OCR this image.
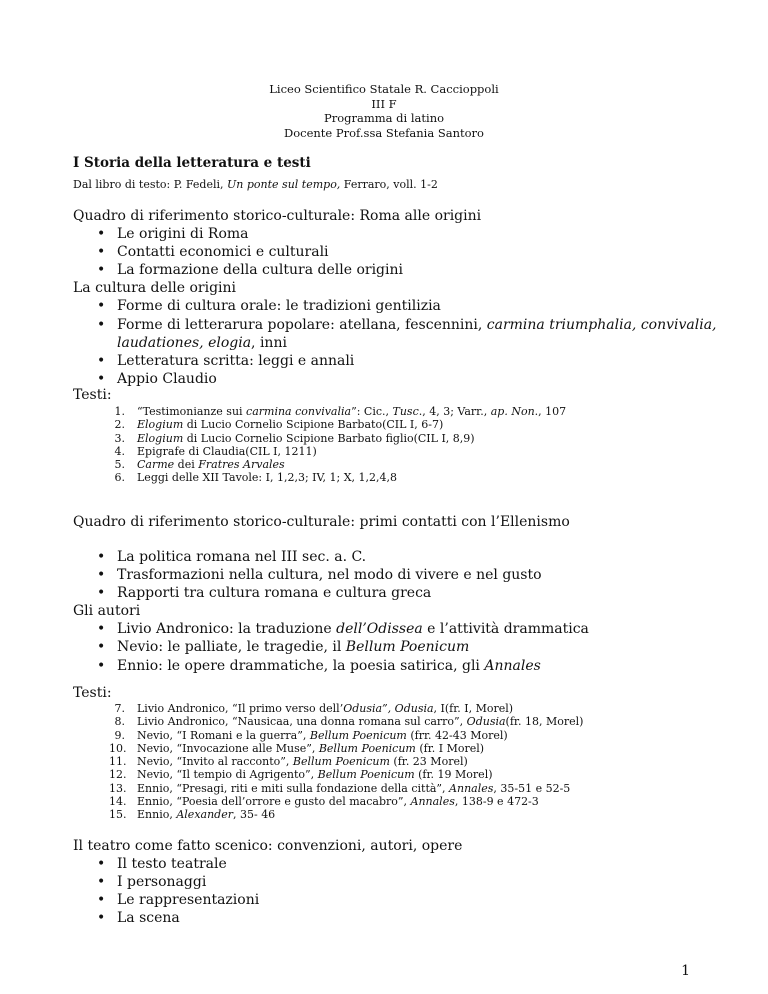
Liceo Scientifico Statale R. Caccioppoli
III F
Programma di latino
Docente Prof.ssa Stefania Santoro
I Storia della letteratura e testi
Dal libro di testo: P. Fedeli, Un ponte sul tempo, Ferraro, voll. 1-2
Quadro di riferimento storico-culturale: Roma alle origini
• Le origini di Roma
• Contatti economici e culturali
• La formazione della cultura delle origini
La cultura delle origini
• Forme di cultura orale: le tradizioni gentilizia
• Forme di letterarura popolare: atellana, fescennini, carmina triumphalia, convivalia, laudationes, elogia, inni
• Letteratura scritta: leggi e annali
• Appio Claudio
Testi:
1. “Testimonianze sui carmina convivalia”: Cic., Tusc., 4, 3; Varr., ap. Non., 107
2. Elogium di Lucio Cornelio Scipione Barbato(CIL I, 6-7)
3. Elogium di Lucio Cornelio Scipione Barbato figlio(CIL I, 8,9)
4. Epigrafe di Claudia(CIL I, 1211)
5. Carme dei Fratres Arvales
6. Leggi delle XII Tavole: I, 1,2,3; IV, 1; X, 1,2,4,8
Quadro di riferimento storico-culturale: primi contatti con l’Ellenismo
• La politica romana nel III sec. a. C.
• Trasformazioni nella cultura, nel modo di vivere e nel gusto
• Rapporti tra cultura romana e cultura greca
Gli autori
• Livio Andronico: la traduzione dell’Odissea e l’attività drammatica
• Nevio: le palliate, le tragedie, il Bellum Poenicum
• Ennio: le opere drammatiche, la poesia satirica, gli Annales
Testi:
7. Livio Andronico, “Il primo verso dell’Odusia”, Odusia, I(fr. I, Morel)
8. Livio Andronico, “Nausicaa, una donna romana sul carro”, Odusia(fr. 18, Morel)
9. Nevio, “I Romani e la guerra”, Bellum Poenicum (frr. 42-43 Morel)
10. Nevio, “Invocazione alle Muse”, Bellum Poenicum (fr. I Morel)
11. Nevio, “Invito al racconto”, Bellum Poenicum (fr. 23 Morel)
12. Nevio, “Il tempio di Agrigento”, Bellum Poenicum (fr. 19 Morel)
13. Ennio, “Presagi, riti e miti sulla fondazione della città”, Annales, 35-51 e 52-5
14. Ennio, “Poesia dell’orrore e gusto del macabro”, Annales, 138-9 e 472-3
15. Ennio, Alexander, 35- 46
Il teatro come fatto scenico: convenzioni, autori, opere
• Il testo teatrale
• I personaggi
• Le rappresentazioni
• La scena
1
